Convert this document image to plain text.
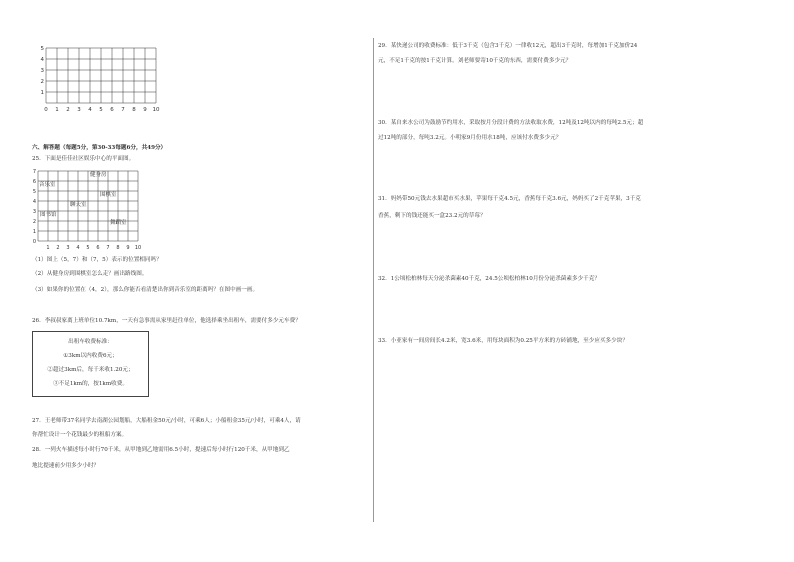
5
4
3
2
1
0 1 2 3 4 5 6 7 8 9 10
六、解答题（每题5分，第30-33每题6分，共49分）
25．下面是佳佳社区娱乐中心的平面图。
7
6
5
4
3
2
1
0
1 2 3 4 5 6 7 8 9 10
健身房
音乐室
围棋室
聊天室
图书馆
舞蹈室
（1）图上（5，7）和（7，5）表示的位置相同吗？
（2）从健身房到围棋室怎么走？画出路线图。
（3）如果你的位置在（4，2），那么你能否看清楚出你到音乐室的距离吗？在图中画一画。
26．李叔叔家离上班单位10.7km，一天有急事需从家里赶往单位，他选择乘坐出租车，需要付多少元车费？
出租车收费标准：
①3km以内收费6元；
②超过3km后，每千米收1.20元；
③不足1km的，按1km收费。
27．王老师带37名同学去南湖公园划船，大船租金50元/小时，可乘6人；小船租金35元/小时，可乘4人，请
你帮忙设计一个花钱最少的租船方案。
28．一列火车描述每小时行70千米，从甲地到乙地需用6.5小时，提速后每小时行120千米，从甲地到乙
地比提速前少用多少小时？
29．某快递公司的收费标准：低于3千克（包含3千克）一律收12元，超出3千克时，每增加1千克加价24
元，不足1千克的按1千克计算。刘老师要寄10千克的东西，需要付费多少元？
30．某自来水公司为鼓励节约用水，采取按月分段计费的方法收取水费，12吨及12吨以内的每吨2.5元；超
过12吨的部分，每吨3.2元。小明家9月份用水18吨，应该付水费多少元？
31．妈妈带50元钱去水果超市买水果，苹果每千克4.5元，香蕉每千克3.6元，妈妈买了2千克苹果，3千克
香蕉，剩下的钱还能买一盒23.2元的草莓？
32．1公顷松柏林每天分泌杀菌素40千克，24.5公顷松柏林10月份分泌杀菌素多少千克？
33．小亚家有一间房间长4.2米，宽3.6米，用每块面积为0.25平方米的方砖铺地，至少应买多少块？
